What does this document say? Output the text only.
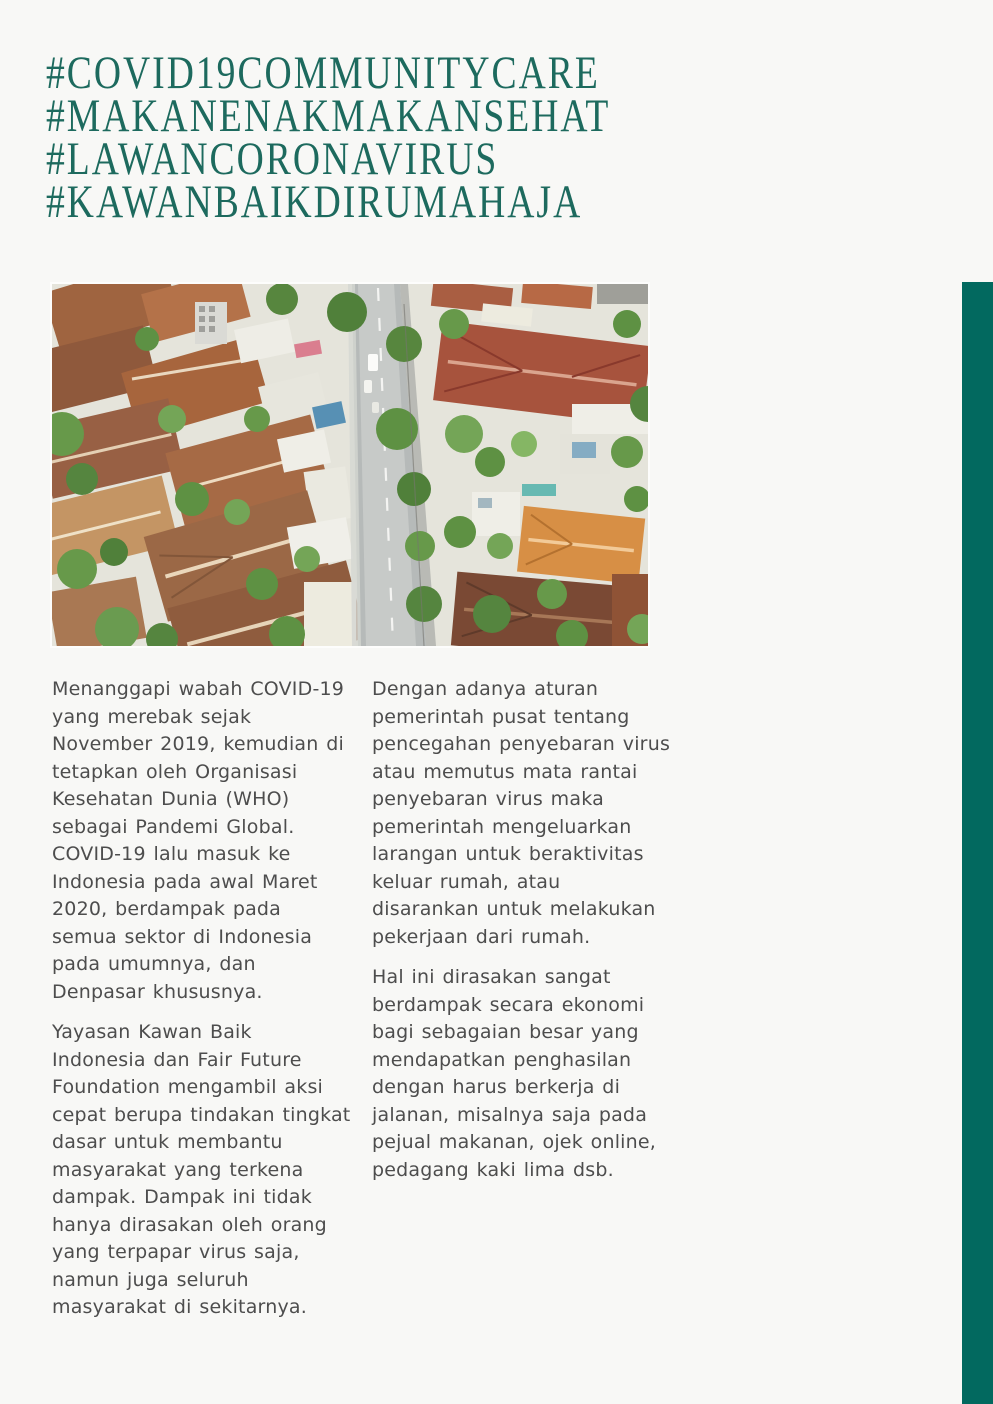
#COVID19COMMUNITYCARE
#MAKANENAKMAKANSEHAT
#LAWANCORONAVIRUS
#KAWANBAIKDIRUMAHAJA

Menanggapi wabah COVID-19 yang merebak sejak November 2019, kemudian di tetapkan oleh Organisasi Kesehatan Dunia (WHO) sebagai Pandemi Global. COVID-19 lalu masuk ke Indonesia pada awal Maret 2020, berdampak pada semua sektor di Indonesia pada umumnya, dan Denpasar khususnya.

Yayasan Kawan Baik Indonesia dan Fair Future Foundation mengambil aksi cepat berupa tindakan tingkat dasar untuk membantu masyarakat yang terkena dampak. Dampak ini tidak hanya dirasakan oleh orang yang terpapar virus saja, namun juga seluruh masyarakat di sekitarnya.

Dengan adanya aturan pemerintah pusat tentang pencegahan penyebaran virus atau memutus mata rantai penyebaran virus maka pemerintah mengeluarkan larangan untuk beraktivitas keluar rumah, atau disarankan untuk melakukan pekerjaan dari rumah.

Hal ini dirasakan sangat berdampak secara ekonomi bagi sebagaian besar yang mendapatkan penghasilan dengan harus berkerja di jalanan, misalnya saja pada pejual makanan, ojek online, pedagang kaki lima dsb.
